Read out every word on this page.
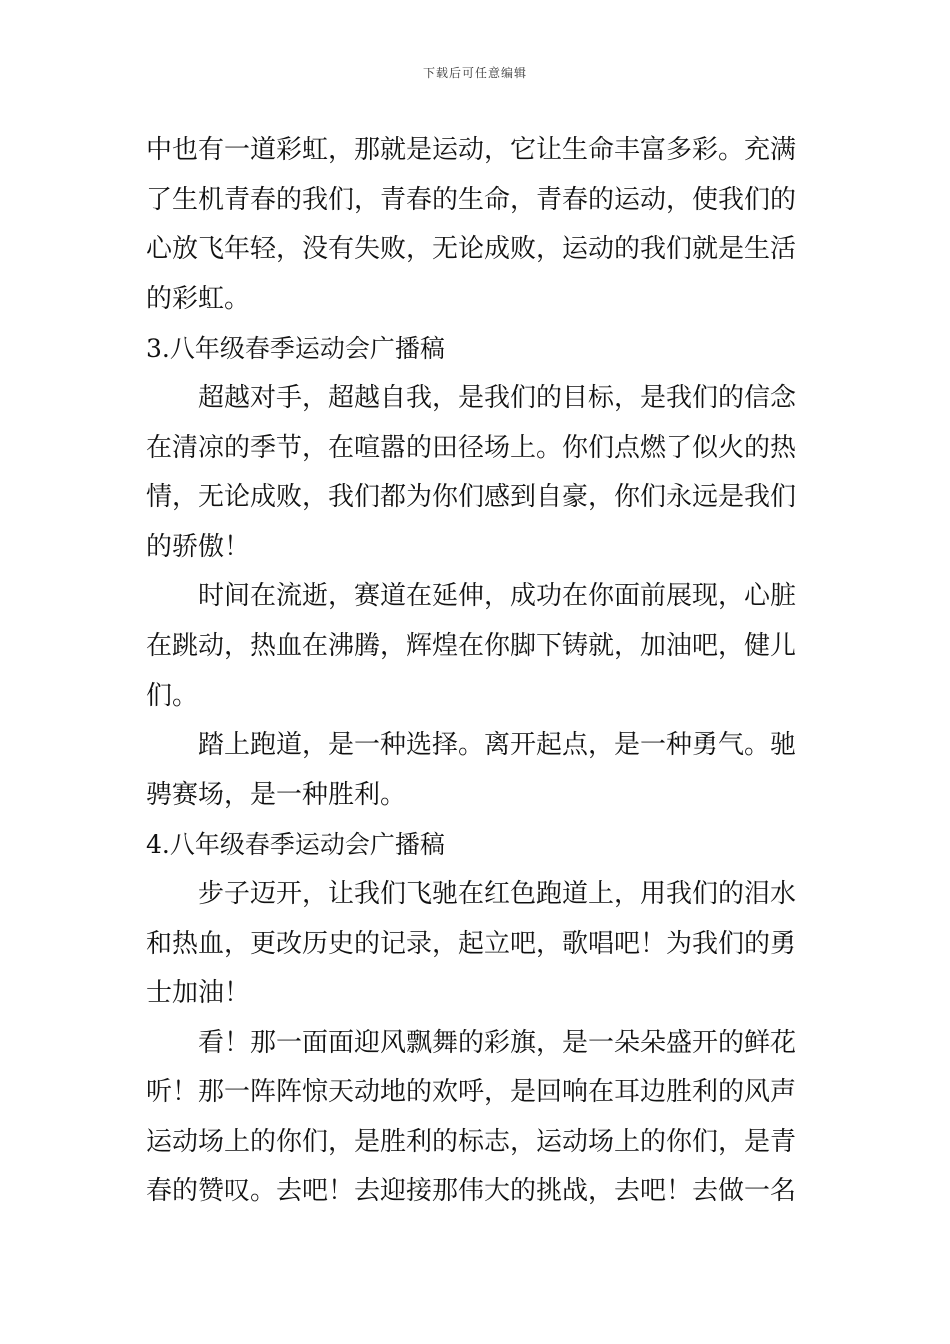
下载后可任意编辑
中也有一道彩虹，那就是运动，它让生命丰富多彩。充满
了生机青春的我们，青春的生命，青春的运动，使我们的
心放飞年轻，没有失败，无论成败，运动的我们就是生活
的彩虹。
3.八年级春季运动会广播稿
超越对手，超越自我，是我们的目标，是我们的信念
在清凉的季节，在喧嚣的田径场上。你们点燃了似火的热
情，无论成败，我们都为你们感到自豪，你们永远是我们
的骄傲！
时间在流逝，赛道在延伸，成功在你面前展现，心脏
在跳动，热血在沸腾，辉煌在你脚下铸就，加油吧，健儿
们。
踏上跑道，是一种选择。离开起点，是一种勇气。驰
骋赛场，是一种胜利。
4.八年级春季运动会广播稿
步子迈开，让我们飞驰在红色跑道上，用我们的泪水
和热血，更改历史的记录，起立吧，歌唱吧！为我们的勇
士加油！
看！那一面面迎风飘舞的彩旗，是一朵朵盛开的鲜花
听！那一阵阵惊天动地的欢呼，是回响在耳边胜利的风声
运动场上的你们，是胜利的标志，运动场上的你们，是青
春的赞叹。去吧！去迎接那伟大的挑战，去吧！去做一名
